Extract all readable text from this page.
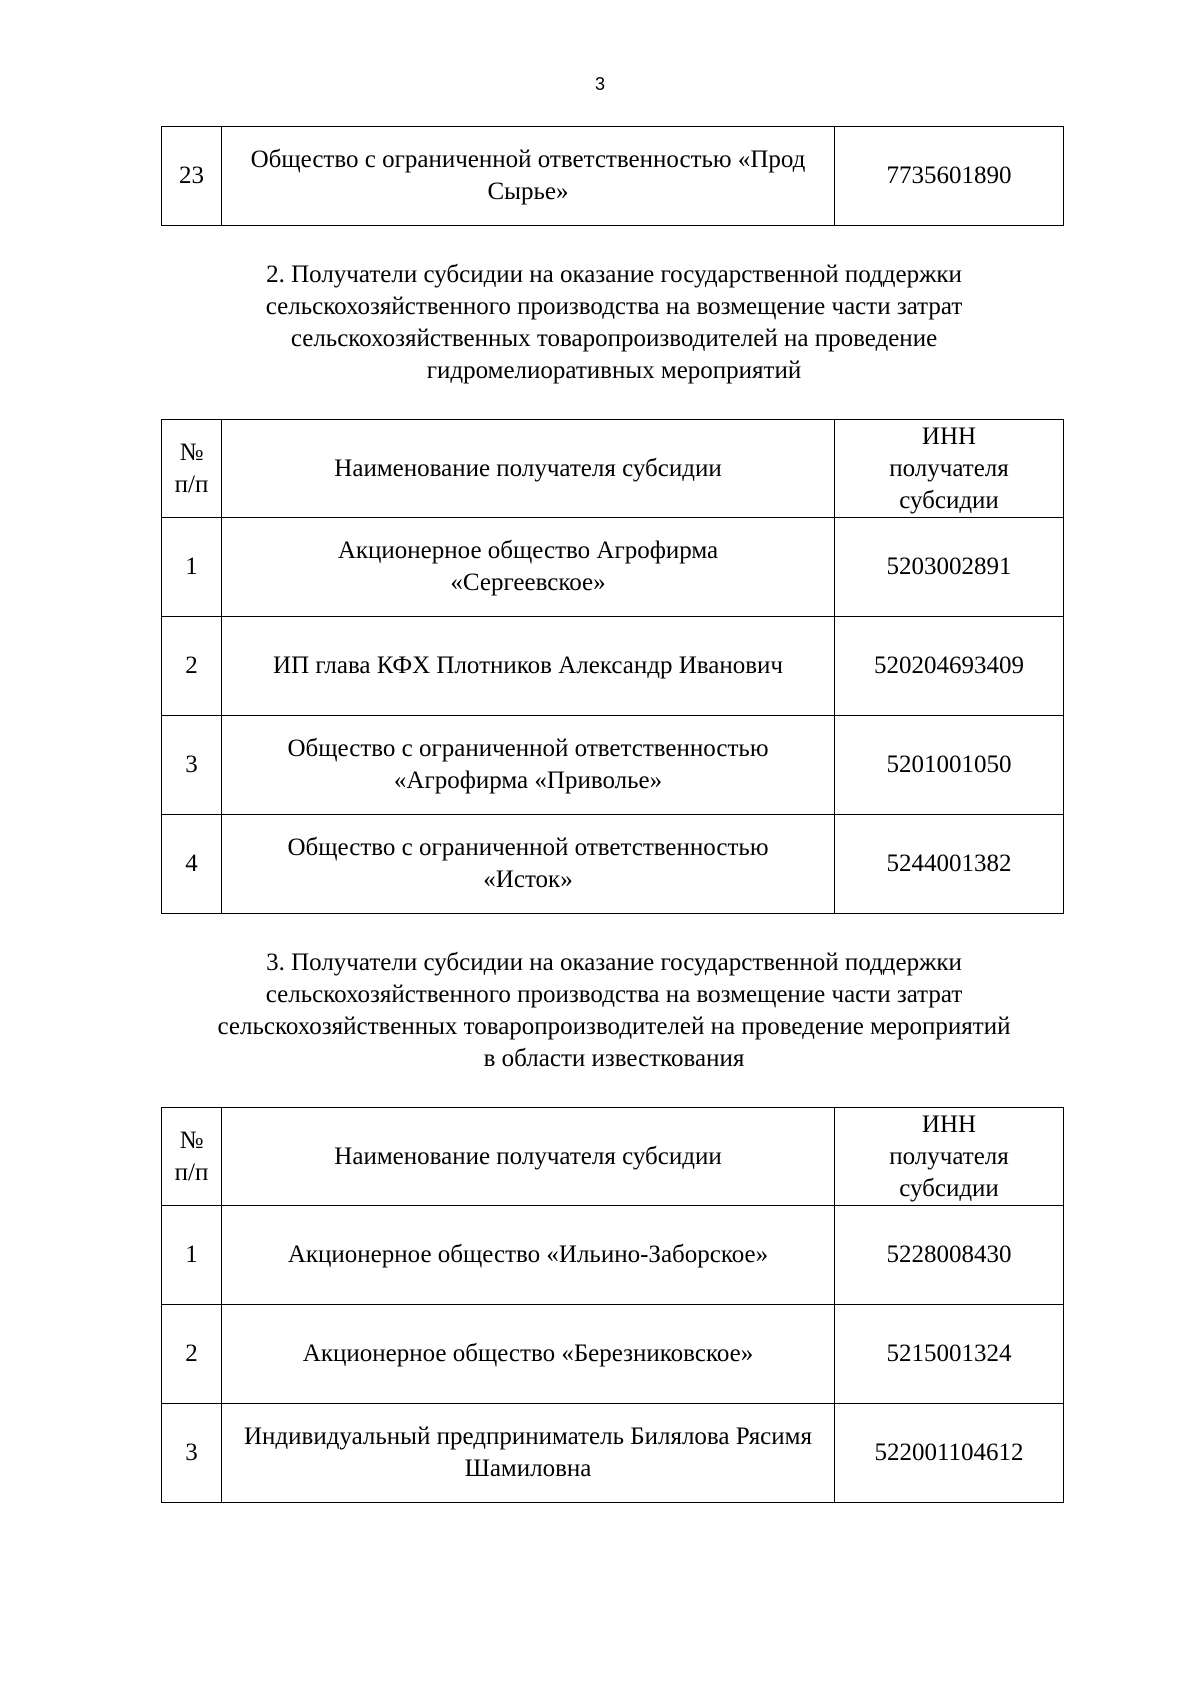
3
23	Общество с ограниченной ответственностью «Прод Сырье»	7735601890

2. Получатели субсидии на оказание государственной поддержки сельскохозяйственного производства на возмещение части затрат сельскохозяйственных товаропроизводителей на проведение гидромелиоративных мероприятий

№ п/п	Наименование получателя субсидии	ИНН получателя субсидии
1	Акционерное общество Агрофирма «Сергеевское»	5203002891
2	ИП глава КФХ Плотников Александр Иванович	520204693409
3	Общество с ограниченной ответственностью «Агрофирма «Приволье»	5201001050
4	Общество с ограниченной ответственностью «Исток»	5244001382

3. Получатели субсидии на оказание государственной поддержки сельскохозяйственного производства на возмещение части затрат сельскохозяйственных товаропроизводителей на проведение мероприятий в области известкования

№ п/п	Наименование получателя субсидии	ИНН получателя субсидии
1	Акционерное общество «Ильино-Заборское»	5228008430
2	Акционерное общество «Березниковское»	5215001324
3	Индивидуальный предприниматель Билялова Рясимя Шамиловна	522001104612
